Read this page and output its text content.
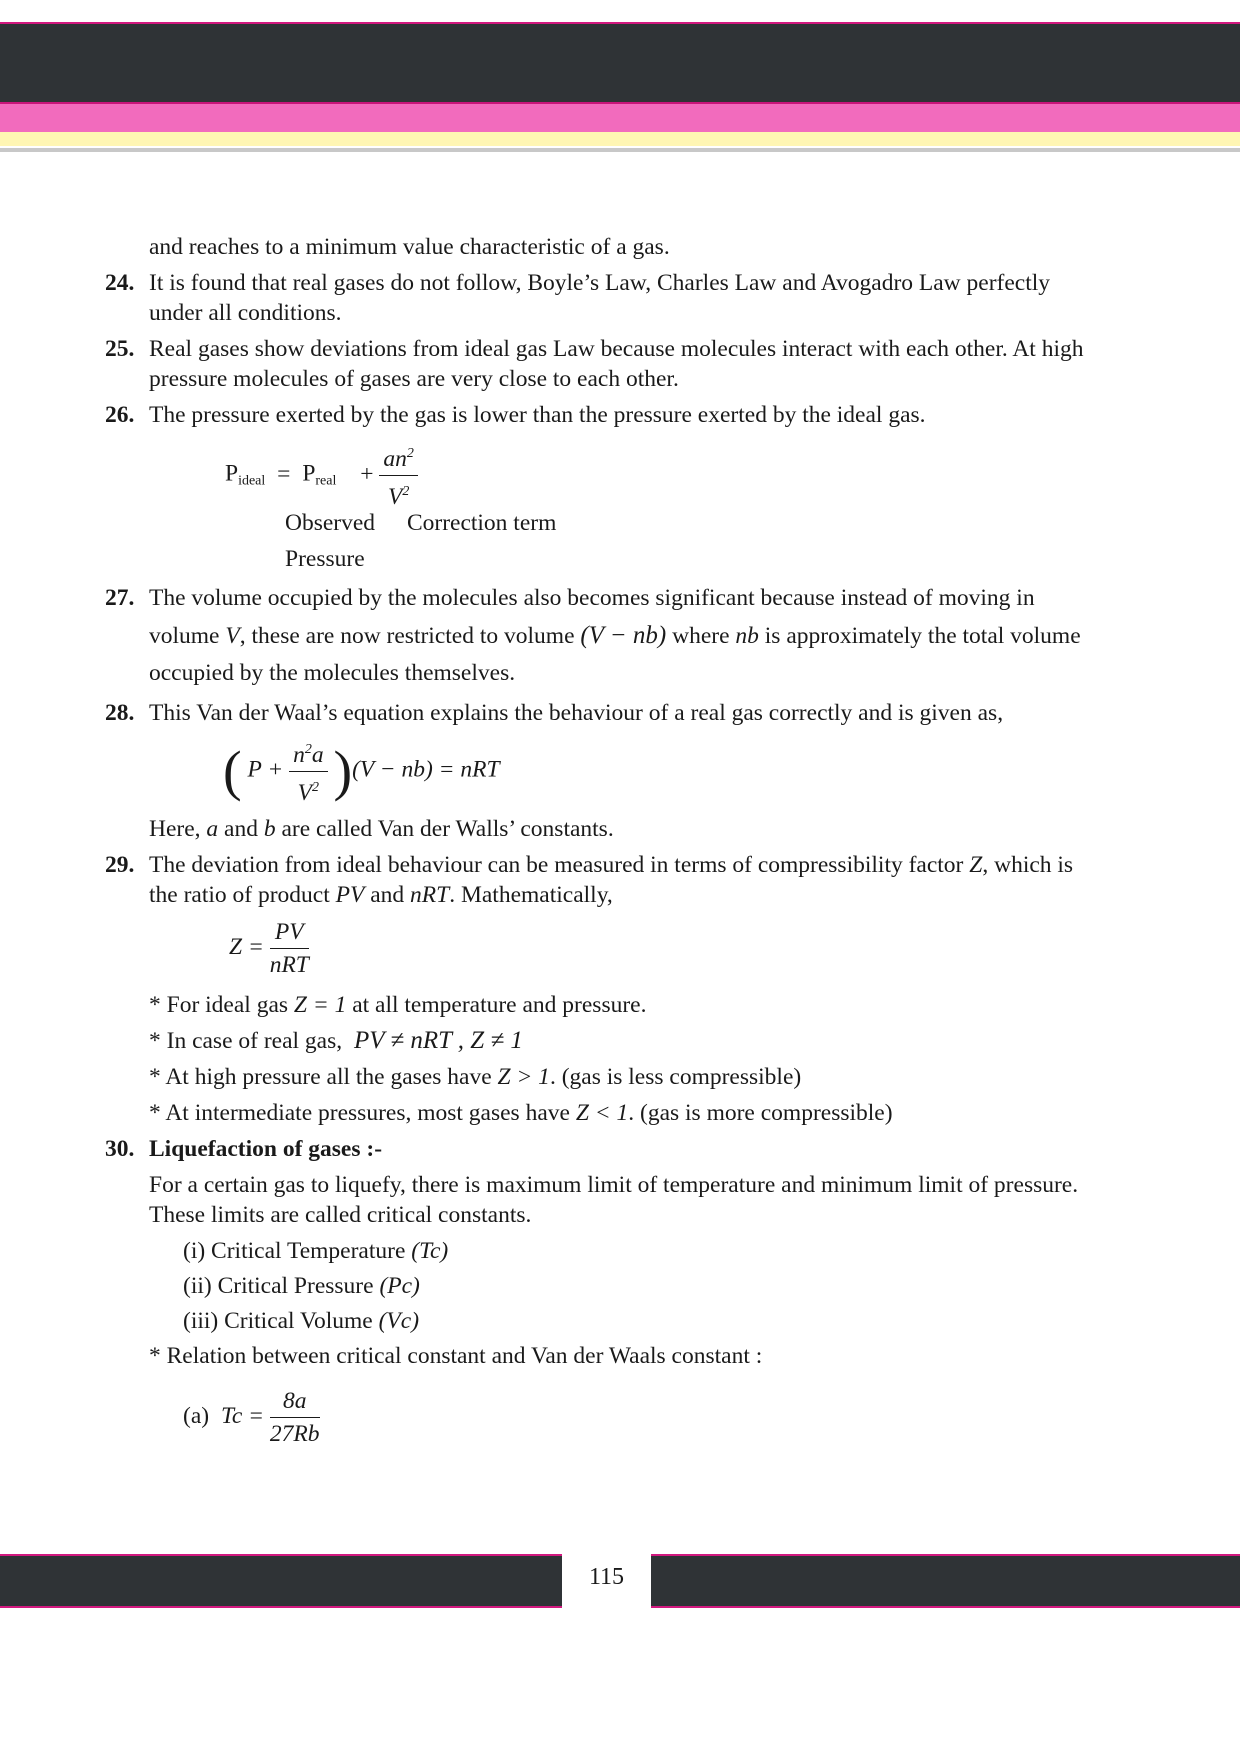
and reaches to a minimum value characteristic of a gas.

24. It is found that real gases do not follow, Boyle’s Law, Charles Law and Avogadro Law perfectly under all conditions.
25. Real gases show deviations from ideal gas Law because molecules interact with each other. At high pressure molecules of gases are very close to each other.
26. The pressure exerted by the gas is lower than the pressure exerted by the ideal gas.
Pideal = Preal + $\frac{an^2}{V^2}$
Observed Correction term
Pressure
27. The volume occupied by the molecules also becomes significant because instead of moving in volume V, these are now restricted to volume (V − nb) where nb is approximately the total volume occupied by the molecules themselves.
28. This Van der Waal’s equation explains the behaviour of a real gas correctly and is given as,
( $P + \frac{n^2a}{V^2} )(V - nb)$ = nRT

Here, a and b are called Van der Walls’ constants.

29. The deviation from ideal behaviour can be measured in terms of compressibility factor Z, which is the ratio of product PV and nRT. Mathematically,
$Z = \frac{PV}{\text{nRT}}$
* For ideal gas Z = 1 at all temperature and pressure.
* In case of real gas, PV ≠ nRT , Z ≠ 1
* At high pressure all the gases have Z > 1. (gas is less compressible)
* At intermediate pressures, most gases have Z < 1. (gas is more compressible)
30. Liquefaction of gases :-

For a certain gas to liquefy, there is maximum limit of temperature and minimum limit of pressure. These limits are called critical constants.

(i) Critical Temperature (Tc)
(ii) Critical Pressure (Pc)
(iii) Critical Volume (Vc)

* Relation between critical constant and Van der Waals constant :

(a) $Tc = \frac{8a}{27Rb}$
115
